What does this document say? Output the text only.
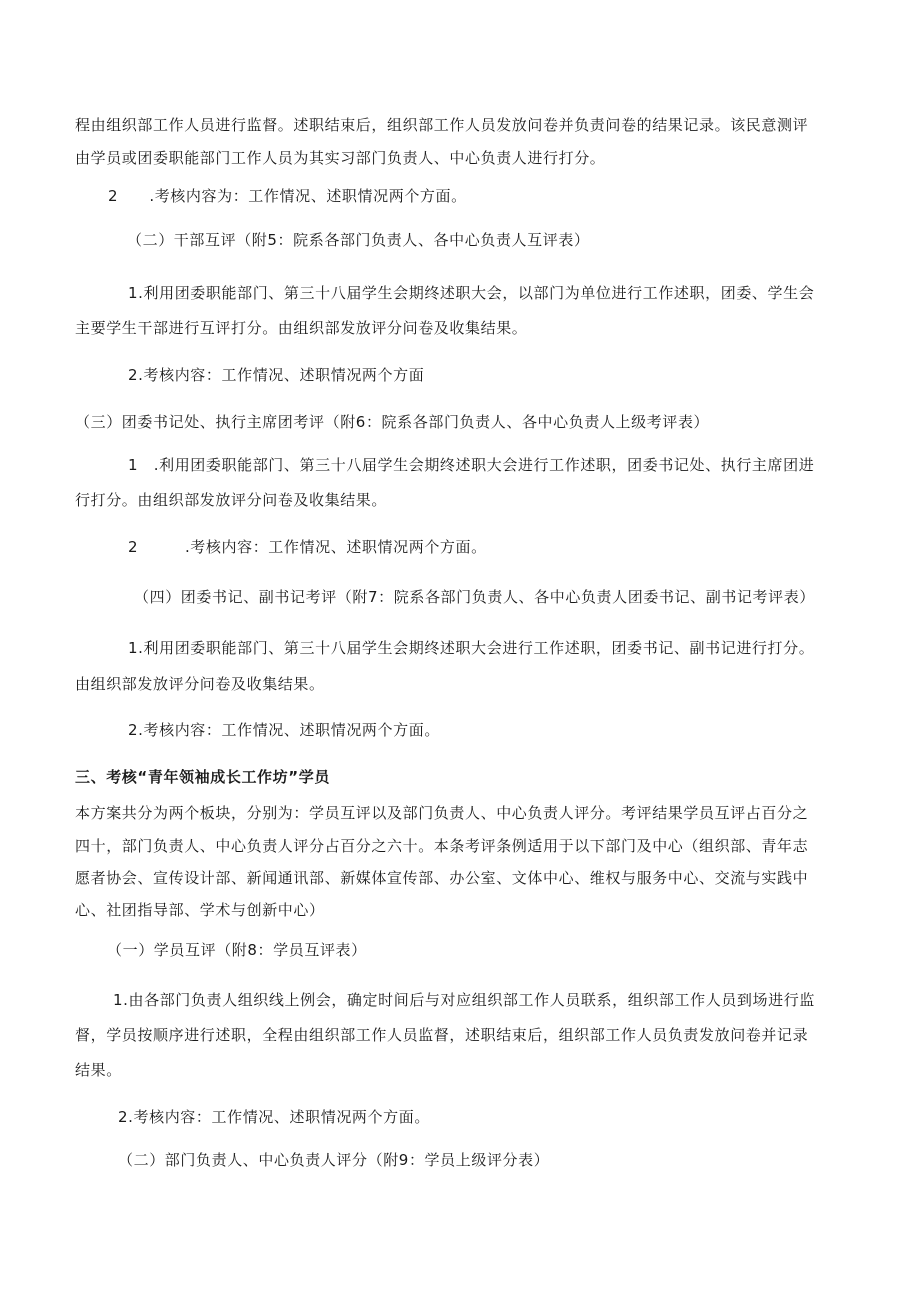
程由组织部工作人员进行监督。述职结束后，组织部工作人员发放问卷并负责问卷的结果记录。该民意测评
由学员或团委职能部门工作人员为其实习部门负责人、中心负责人进行打分。
2　　.考核内容为：工作情况、述职情况两个方面。
（二）干部互评（附5：院系各部门负责人、各中心负责人互评表）
1.利用团委职能部门、第三十八届学生会期终述职大会，以部门为单位进行工作述职，团委、学生会
主要学生干部进行互评打分。由组织部发放评分问卷及收集结果。
2.考核内容：工作情况、述职情况两个方面
（三）团委书记处、执行主席团考评（附6：院系各部门负责人、各中心负责人上级考评表）
1　.利用团委职能部门、第三十八届学生会期终述职大会进行工作述职，团委书记处、执行主席团进
行打分。由组织部发放评分问卷及收集结果。
2　　　.考核内容：工作情况、述职情况两个方面。
（四）团委书记、副书记考评（附7：院系各部门负责人、各中心负责人团委书记、副书记考评表）
1.利用团委职能部门、第三十八届学生会期终述职大会进行工作述职，团委书记、副书记进行打分。
由组织部发放评分问卷及收集结果。
2.考核内容：工作情况、述职情况两个方面。
三、考核“青年领袖成长工作坊”学员
本方案共分为两个板块，分别为：学员互评以及部门负责人、中心负责人评分。考评结果学员互评占百分之
四十，部门负责人、中心负责人评分占百分之六十。本条考评条例适用于以下部门及中心（组织部、青年志
愿者协会、宣传设计部、新闻通讯部、新媒体宣传部、办公室、文体中心、维权与服务中心、交流与实践中
心、社团指导部、学术与创新中心）
（一）学员互评（附8：学员互评表）
1.由各部门负责人组织线上例会，确定时间后与对应组织部工作人员联系，组织部工作人员到场进行监
督，学员按顺序进行述职，全程由组织部工作人员监督，述职结束后，组织部工作人员负责发放问卷并记录
结果。
2.考核内容：工作情况、述职情况两个方面。
（二）部门负责人、中心负责人评分（附9：学员上级评分表）
